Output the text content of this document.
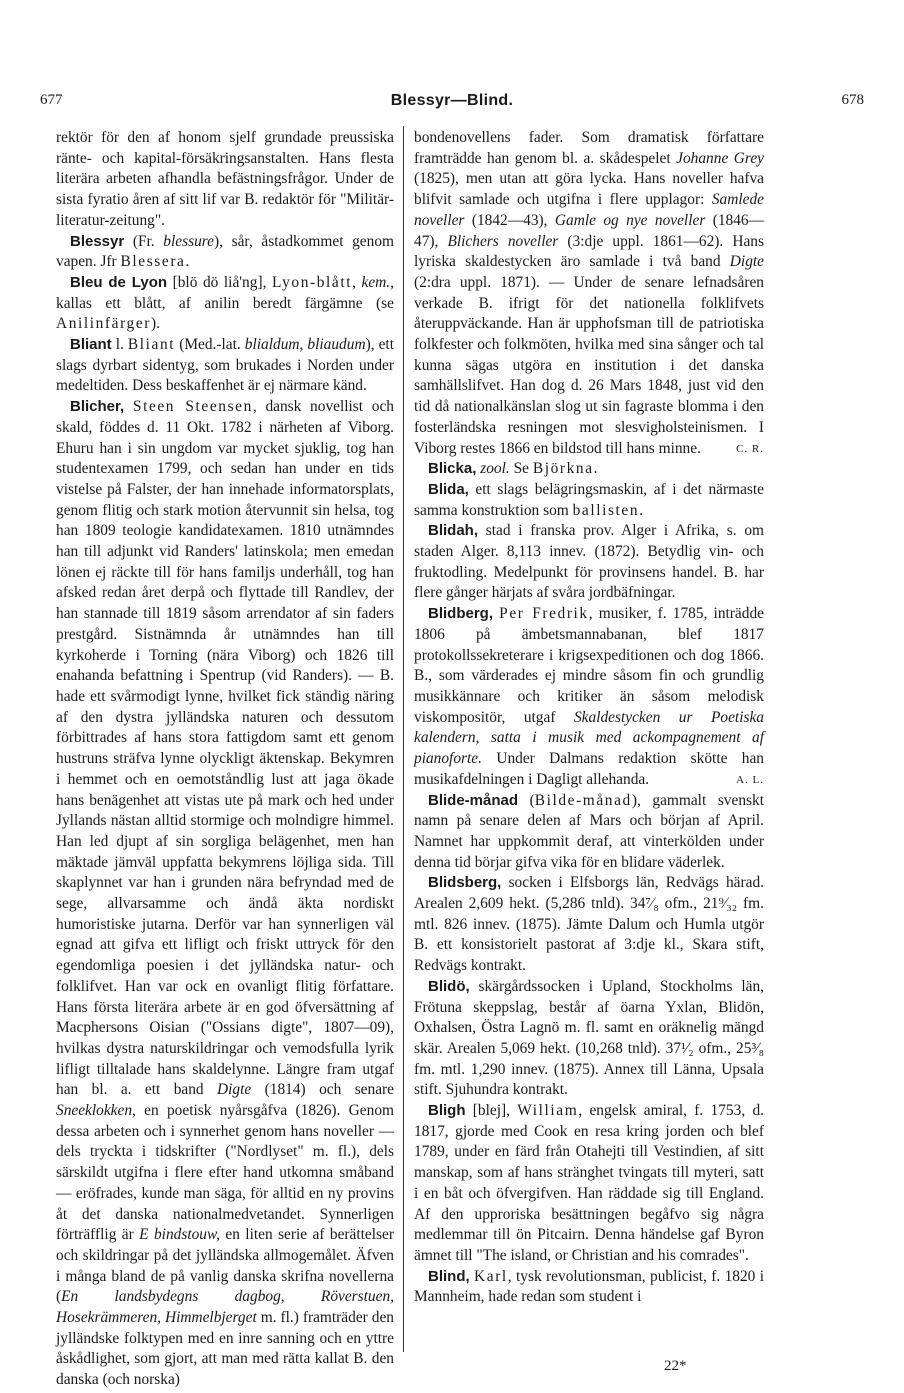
677	Blessyr—Blind.	678

rektör för den af honom sjelf grundade preussiska ränte- och kapital-försäkringsanstalten. Hans flesta literära arbeten afhandla befästningsfrågor. Under de sista fyratio åren af sitt lif var B. redaktör för "Militär-literatur-zeitung".

Blessyr (Fr. blessure), sår, åstadkommet genom vapen. Jfr Blessera.

Bleu de Lyon [blö dö liå'ng], Lyon-blått, kem., kallas ett blått, af anilin beredt färgämne (se Anilinfärger).

Bliant l. Bliant (Med.-lat. blialdum, bliaudum), ett slags dyrbart sidentyg, som brukades i Norden under medeltiden. Dess beskaffenhet är ej närmare känd.

Blicher, Steen Steensen, dansk novellist och skald, föddes d. 11 Okt. 1782 i närheten af Viborg. Ehuru han i sin ungdom var mycket sjuklig, tog han studentexamen 1799, och sedan han under en tids vistelse på Falster, der han innehade informatorsplats, genom flitig och stark motion återvunnit sin helsa, tog han 1809 teologie kandidatexamen. 1810 utnämndes han till adjunkt vid Randers' latinskola; men emedan lönen ej räckte till för hans familjs underhåll, tog han afsked redan året derpå och flyttade till Randlev, der han stannade till 1819 såsom arrendator af sin faders prestgård. Sistnämnda år utnämndes han till kyrkoherde i Torning (nära Viborg) och 1826 till enahanda befattning i Spentrup (vid Randers). — B. hade ett svårmodigt lynne, hvilket fick ständig näring af den dystra jylländska naturen och dessutom förbittrades af hans stora fattigdom samt ett genom hustruns sträfva lynne olyckligt äktenskap. Bekymren i hemmet och en oemotståndlig lust att jaga ökade hans benägenhet att vistas ute på mark och hed under Jyllands nästan alltid stormige och molndigre himmel. Han led djupt af sin sorgliga belägenhet, men han mäktade jämväl uppfatta bekymrens löjliga sida. Till skaplynnet var han i grunden nära befryndad med de sege, allvarsamme och ändå äkta nordiskt humoristiske jutarna. Derför var han synnerligen väl egnad att gifva ett lifligt och friskt uttryck för den egendomliga poesien i det jylländska natur- och folklifvet. Han var ock en ovanligt flitig författare. Hans första literära arbete är en god öfversättning af Macphersons Oisian ("Ossians digte", 1807—09), hvilkas dystra naturskildringar och vemodsfulla lyrik lifligt tilltalade hans skaldelynne. Längre fram utgaf han bl. a. ett band Digte (1814) och senare Sneeklokken, en poetisk nyårsgåfva (1826). Genom dessa arbeten och i synnerhet genom hans noveller — dels tryckta i tidskrifter ("Nordlyset" m. fl.), dels särskildt utgifna i flere efter hand utkomna småband — eröfrades, kunde man säga, för alltid en ny provins åt det danska nationalmedvetandet. Synnerligen förträfflig är E bindstouw, en liten serie af berättelser och skildringar på det jylländska allmogemålet. Äfven i många bland de på vanlig danska skrifna novellerna (En landsbydegns dagbog, Röverstuen, Hosekrämmeren, Himmelbjerget m. fl.) framträder den jylländske folktypen med en inre sanning och en yttre åskådlighet, som gjort, att man med rätta kallat B. den danska (och norska)

bondenovellens fader. Som dramatisk författare framträdde han genom bl. a. skådespelet Johanne Grey (1825), men utan att göra lycka. Hans noveller hafva blifvit samlade och utgifna i flere upplagor: Samlede noveller (1842—43), Gamle og nye noveller (1846—47), Blichers noveller (3:dje uppl. 1861—62). Hans lyriska skaldestycken äro samlade i två band Digte (2:dra uppl. 1871). — Under de senare lefnadsåren verkade B. ifrigt för det nationella folklifvets återuppväckande. Han är upphofsman till de patriotiska folkfester och folkmöten, hvilka med sina sånger och tal kunna sägas utgöra en institution i det danska samhällslifvet. Han dog d. 26 Mars 1848, just vid den tid då nationalkänslan slog ut sin fagraste blomma i den fosterländska resningen mot slesvigholsteinismen. I Viborg restes 1866 en bildstod till hans minne.	C. R.

Blicka, zool. Se Björkna.

Blida, ett slags belägringsmaskin, af i det närmaste samma konstruktion som ballisten.

Blidah, stad i franska prov. Alger i Afrika, s. om staden Alger. 8,113 innev. (1872). Betydlig vin- och fruktodling. Medelpunkt för provinsens handel. B. har flere gånger härjats af svåra jordbäfningar.

Blidberg, Per Fredrik, musiker, f. 1785, inträdde 1806 på ämbetsmannabanan, blef 1817 protokollssekreterare i krigsexpeditionen och dog 1866. B., som värderades ej mindre såsom fin och grundlig musikkännare och kritiker än såsom melodisk viskompositör, utgaf Skaldestycken ur Poetiska kalendern, satta i musik med ackompagnement af pianoforte. Under Dalmans redaktion skötte han musikafdelningen i Dagligt allehanda.	A. L.

Blide-månad (Bilde-månad), gammalt svenskt namn på senare delen af Mars och början af April. Namnet har uppkommit deraf, att vinterkölden under denna tid börjar gifva vika för en blidare väderlek.

Blidsberg, socken i Elfsborgs län, Redvägs härad. Arealen 2,609 hekt. (5,286 tnld). 34⁷⁄₈ ofm., 21⁹⁄₃₂ fm. mtl. 826 innev. (1875). Jämte Dalum och Humla utgör B. ett konsistorielt pastorat af 3:dje kl., Skara stift, Redvägs kontrakt.

Blidö, skärgårdssocken i Upland, Stockholms län, Frötuna skeppslag, består af öarna Yxlan, Blidön, Oxhalsen, Östra Lagnö m. fl. samt en oräknelig mängd skär. Arealen 5,069 hekt. (10,268 tnld). 37¹⁄₂ ofm., 25³⁄₈ fm. mtl. 1,290 innev. (1875). Annex till Länna, Upsala stift. Sjuhundra kontrakt.

Bligh [blej], William, engelsk amiral, f. 1753, d. 1817, gjorde med Cook en resa kring jorden och blef 1789, under en färd från Otahejti till Vestindien, af sitt manskap, som af hans stränghet tvingats till myteri, satt i en båt och öfvergifven. Han räddade sig till England. Af den upproriska besättningen begåfvo sig några medlemmar till ön Pitcairn. Denna händelse gaf Byron ämnet till "The island, or Christian and his comrades".

Blind, Karl, tysk revolutionsman, publicist, f. 1820 i Mannheim, hade redan som student i

22*
